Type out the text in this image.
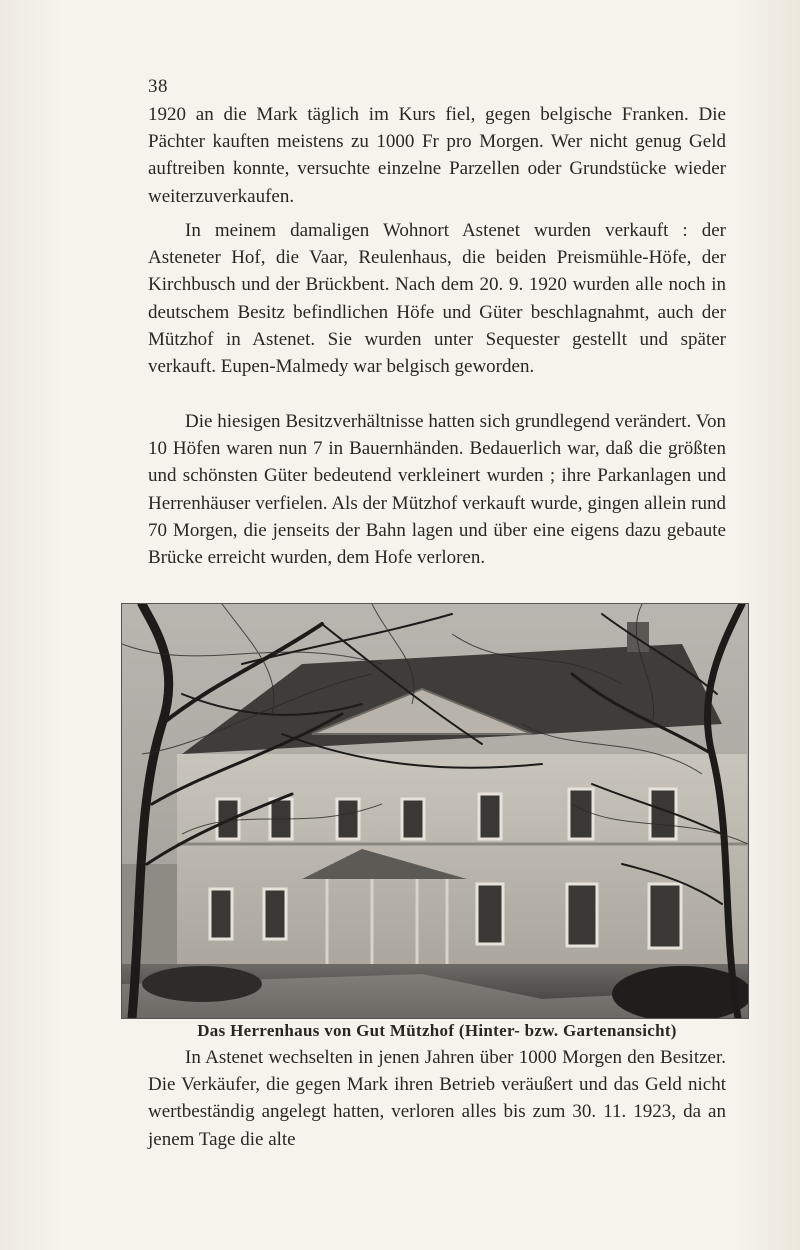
38

1920 an die Mark täglich im Kurs fiel, gegen belgische Franken. Die Pächter kauften meistens zu 1000 Fr pro Morgen. Wer nicht genug Geld auftreiben konnte, versuchte einzelne Parzellen oder Grundstücke wieder weiterzuverkaufen.

In meinem damaligen Wohnort Astenet wurden verkauft : der Asteneter Hof, die Vaar, Reulenhaus, die beiden Preismühle-Höfe, der Kirchbusch und der Brückbent. Nach dem 20. 9. 1920 wurden alle noch in deutschem Besitz befindlichen Höfe und Güter beschlagnahmt, auch der Mützhof in Astenet. Sie wurden unter Sequester gestellt und später verkauft. Eupen-Malmedy war belgisch geworden.

Die hiesigen Besitzverhältnisse hatten sich grundlegend verändert. Von 10 Höfen waren nun 7 in Bauernhänden. Bedauerlich war, daß die größten und schönsten Güter bedeutend verkleinert wurden ; ihre Parkanlagen und Herrenhäuser verfielen. Als der Mützhof verkauft wurde, gingen allein rund 70 Morgen, die jenseits der Bahn lagen und über eine eigens dazu gebaute Brücke erreicht wurden, dem Hofe verloren.

Das Herrenhaus von Gut Mützhof (Hinter- bzw. Gartenansicht)

In Astenet wechselten in jenen Jahren über 1000 Morgen den Besitzer. Die Verkäufer, die gegen Mark ihren Betrieb veräußert und das Geld nicht wertbeständig angelegt hatten, verloren alles bis zum 30. 11. 1923, da an jenem Tage die alte
